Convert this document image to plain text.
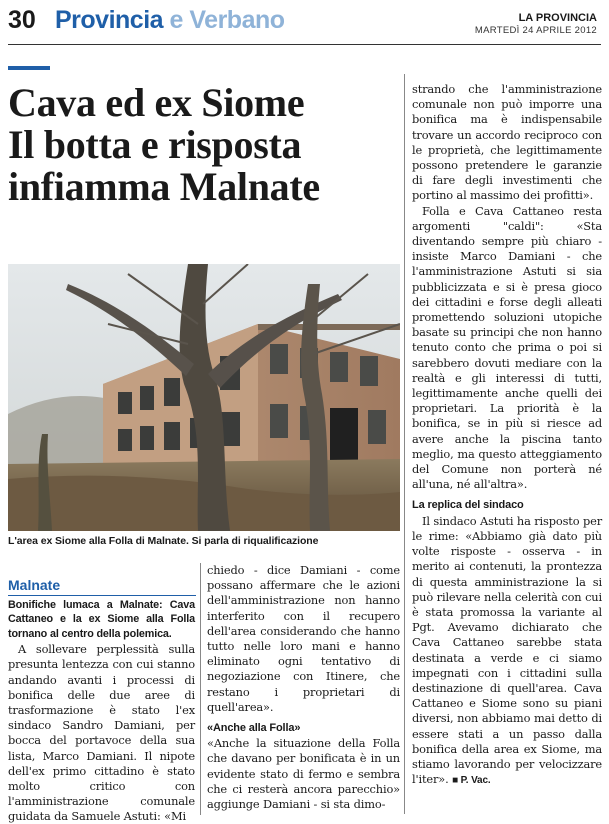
30 Provincia e Verbano	LA PROVINCIA
MARTEDÌ 24 APRILE 2012
Cava ed ex Siome
Il botta e risposta
infiamma Malnate
L'area ex Siome alla Folla di Malnate. Si parla di riqualificazione
Malnate

Bonifiche lumaca a Malnate: Cava Cattaneo e la ex Siome alla Folla tornano al centro della polemica.

A sollevare perplessità sulla presunta lentezza con cui stanno andando avanti i processi di bonifica delle due aree di trasformazione è stato l'ex sindaco Sandro Damiani, per bocca del portavoce della sua lista, Marco Damiani. Il nipote dell'ex primo cittadino è stato molto critico con l'amministrazione comunale guidata da Samuele Astuti: «Mi

chiedo - dice Damiani - come possano affermare che le azioni dell'amministrazione non hanno interferito con il recupero dell'area considerando che hanno tutto nelle loro mani e hanno eliminato ogni tentativo di negoziazione con Itinere, che restano i proprietari di quell'area».

«Anche alla Folla»

«Anche la situazione della Folla che davano per bonificata è in un evidente stato di fermo e sembra che ci resterà ancora parecchio» aggiunge Damiani - si sta dimo-

strando che l'amministrazione comunale non può imporre una bonifica ma è indispensabile trovare un accordo reciproco con le proprietà, che legittimamente possono pretendere le garanzie di fare degli investimenti che portino al massimo dei profitti».

Folla e Cava Cattaneo resta argomenti "caldi": «Sta diventando sempre più chiaro - insiste Marco Damiani - che l'amministrazione Astuti si sia pubblicizzata e si è presa gioco dei cittadini e forse degli alleati promettendo soluzioni utopiche basate su principi che non hanno tenuto conto che prima o poi si sarebbero dovuti mediare con la realtà e gli interessi di tutti, legittimamente anche quelli dei proprietari. La priorità è la bonifica, se in più si riesce ad avere anche la piscina tanto meglio, ma questo atteggiamento del Comune non porterà né all'una, né all'altra».

La replica del sindaco

Il sindaco Astuti ha risposto per le rime: «Abbiamo già dato più volte risposte - osserva - in merito ai contenuti, la prontezza di questa amministrazione la si può rilevare nella celerità con cui è stata promossa la variante al Pgt. Avevamo dichiarato che Cava Cattaneo sarebbe stata destinata a verde e ci siamo impegnati con i cittadini sulla destinazione di quell'area. Cava Cattaneo e Siome sono su piani diversi, non abbiamo mai detto di essere stati a un passo dalla bonifica della area ex Siome, ma stiamo lavorando per velocizzare l'iter». ■ P. Vac.
